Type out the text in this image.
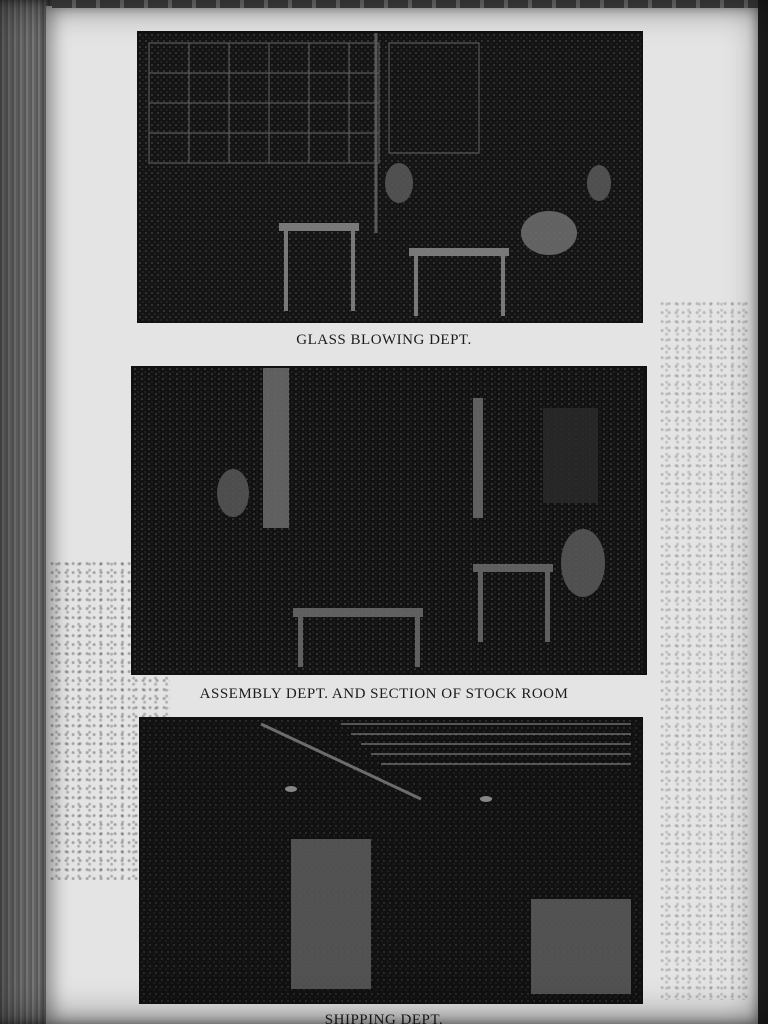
GLASS BLOWING DEPT.
ASSEMBLY DEPT. AND SECTION OF STOCK ROOM
SHIPPING DEPT.
